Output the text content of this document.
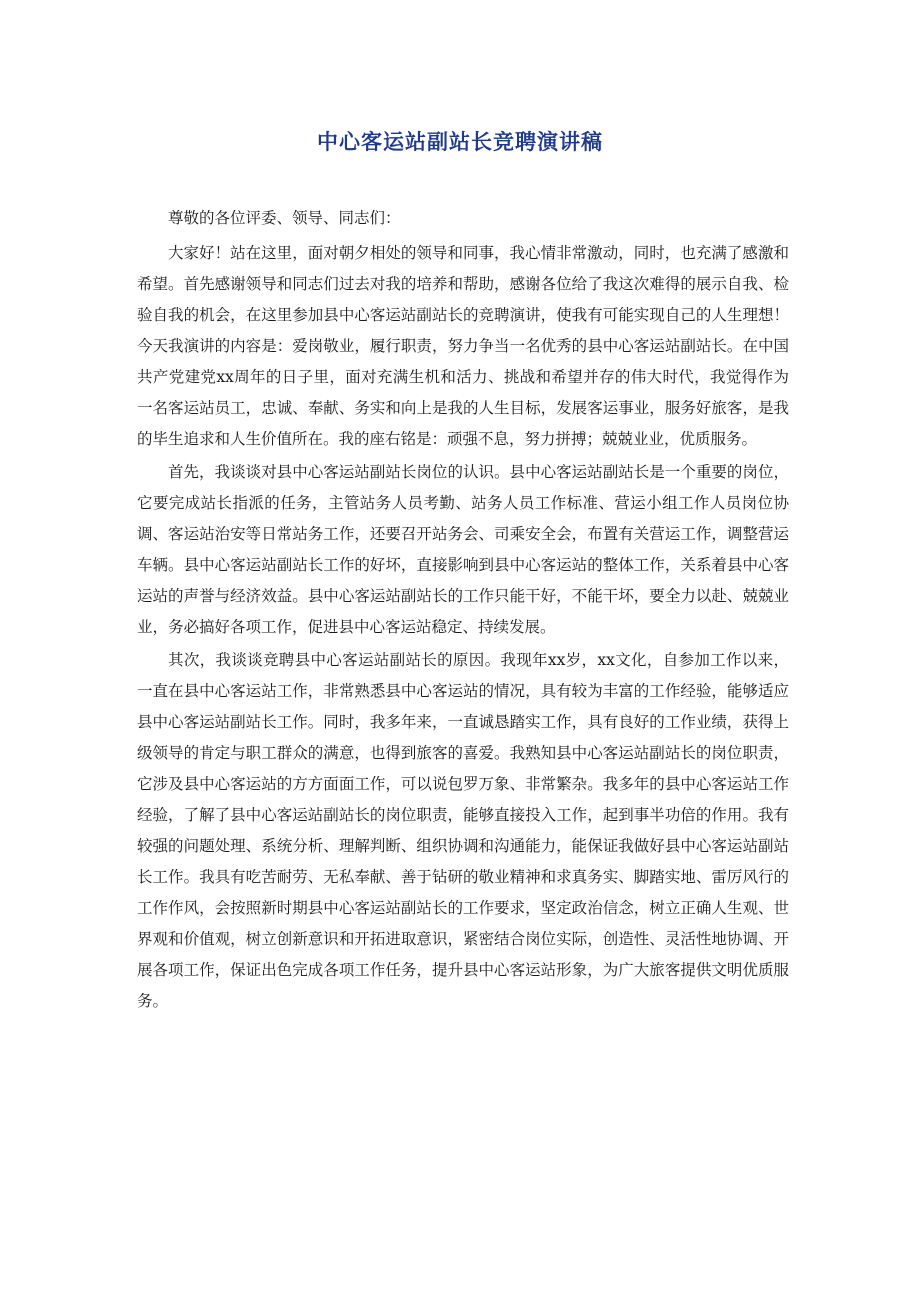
中心客运站副站长竞聘演讲稿

尊敬的各位评委、领导、同志们：

大家好！站在这里，面对朝夕相处的领导和同事，我心情非常激动，同时，也充满了感激和希望。首先感谢领导和同志们过去对我的培养和帮助，感谢各位给了我这次难得的展示自我、检验自我的机会，在这里参加县中心客运站副站长的竞聘演讲，使我有可能实现自己的人生理想！今天我演讲的内容是：爱岗敬业，履行职责，努力争当一名优秀的县中心客运站副站长。在中国共产党建党xx周年的日子里，面对充满生机和活力、挑战和希望并存的伟大时代，我觉得作为一名客运站员工，忠诚、奉献、务实和向上是我的人生目标，发展客运事业，服务好旅客，是我的毕生追求和人生价值所在。我的座右铭是：顽强不息，努力拼搏；兢兢业业，优质服务。

首先，我谈谈对县中心客运站副站长岗位的认识。县中心客运站副站长是一个重要的岗位，它要完成站长指派的任务，主管站务人员考勤、站务人员工作标准、营运小组工作人员岗位协调、客运站治安等日常站务工作，还要召开站务会、司乘安全会，布置有关营运工作，调整营运车辆。县中心客运站副站长工作的好坏，直接影响到县中心客运站的整体工作，关系着县中心客运站的声誉与经济效益。县中心客运站副站长的工作只能干好，不能干坏，要全力以赴、兢兢业业，务必搞好各项工作，促进县中心客运站稳定、持续发展。

其次，我谈谈竞聘县中心客运站副站长的原因。我现年xx岁，xx文化，自参加工作以来，一直在县中心客运站工作，非常熟悉县中心客运站的情况，具有较为丰富的工作经验，能够适应县中心客运站副站长工作。同时，我多年来，一直诚恳踏实工作，具有良好的工作业绩，获得上级领导的肯定与职工群众的满意，也得到旅客的喜爱。我熟知县中心客运站副站长的岗位职责，它涉及县中心客运站的方方面面工作，可以说包罗万象、非常繁杂。我多年的县中心客运站工作经验，了解了县中心客运站副站长的岗位职责，能够直接投入工作，起到事半功倍的作用。我有较强的问题处理、系统分析、理解判断、组织协调和沟通能力，能保证我做好县中心客运站副站长工作。我具有吃苦耐劳、无私奉献、善于钻研的敬业精神和求真务实、脚踏实地、雷厉风行的工作作风，会按照新时期县中心客运站副站长的工作要求，坚定政治信念，树立正确人生观、世界观和价值观，树立创新意识和开拓进取意识，紧密结合岗位实际，创造性、灵活性地协调、开展各项工作，保证出色完成各项工作任务，提升县中心客运站形象，为广大旅客提供文明优质服务。
